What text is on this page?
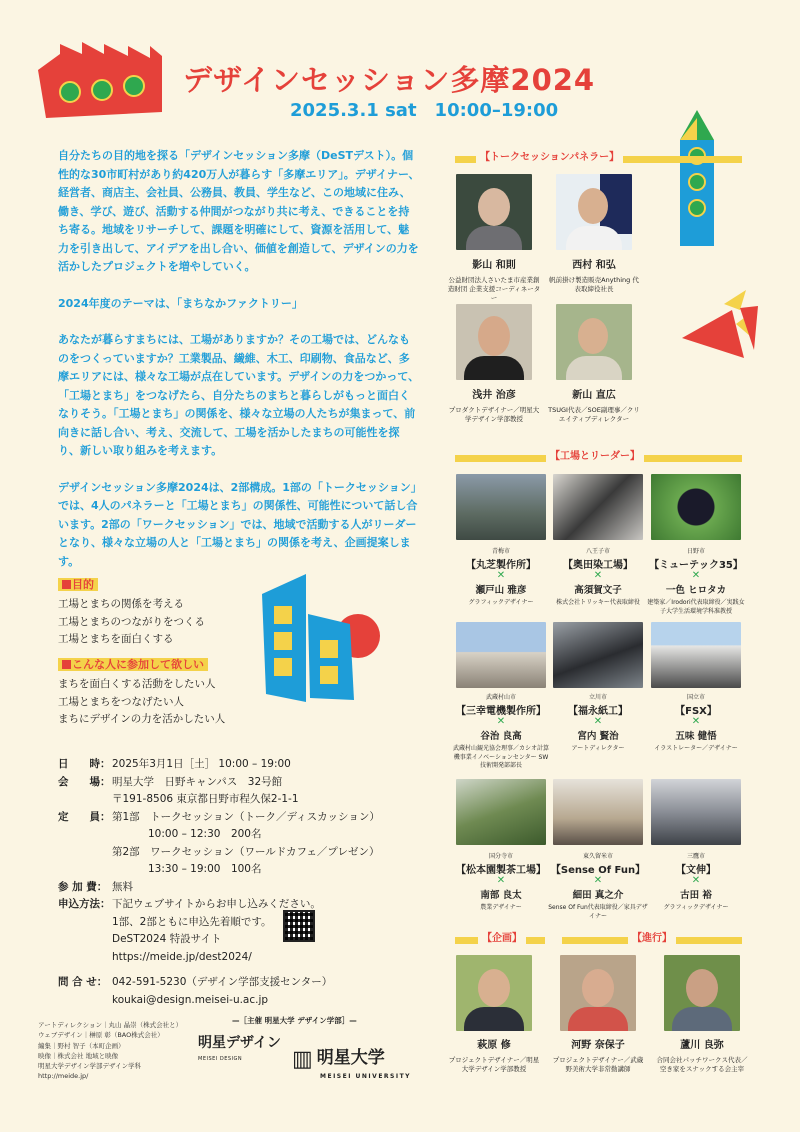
デザインセッション多摩2024
2025.3.1 sat　10:00–19:00

自分たちの目的地を探る「デザインセッション多摩（DeSTデスト）。個性的な30市町村があり約420万人が暮らす「多摩エリア」。デザイナー、経営者、商店主、会社員、公務員、教員、学生など、この地域に住み、働き、学び、遊び、活動する仲間がつながり共に考え、できることを持ち寄る。地域をリサーチして、課題を明確にして、資源を活用して、魅力を引き出して、アイデアを出し合い、価値を創造して、デザインの力を活かしたプロジェクトを増やしていく。

2024年度のテーマは、「まちなかファクトリー」

あなたが暮らすまちには、工場がありますか？その工場では、どんなものをつくっていますか？工業製品、繊維、木工、印刷物、食品など、多摩エリアには、様々な工場が点在しています。デザインの力をつかって、「工場とまち」をつなげたら、自分たちのまちと暮らしがもっと面白くなりそう。「工場とまち」の関係を、様々な立場の人たちが集まって、前向きに話し合い、考え、交流して、工場を活かしたまちの可能性を探り、新しい取り組みを考えます。

デザインセッション多摩2024は、2部構成。1部の「トークセッション」では、4人のパネラーと「工場とまち」の関係性、可能性について話し合います。2部の「ワークセッション」では、地域で活動する人がリーダーとなり、様々な立場の人と「工場とまち」の関係を考え、企画提案します。

目的
工場とまちの関係を考える
工場とまちのつながりをつくる
工場とまちを面白くする
こんな人に参加して欲しい
まちを面白くする活動をしたい人
工場とまちをつなげたい人
まちにデザインの力を活かしたい人
日　　時： 2025年3月1日［土］ 10:00 – 19:00
会　　場： 明星大学　日野キャンパス　32号館
〒191-8506 東京都日野市程久保2-1-1
定　　員： 第1部　トークセッション（トーク／ディスカッション）
10:00 – 12:30　200名
第2部　ワークセッション（ワールドカフェ／プレゼン）
13:30 – 19:00　100名
参 加 費： 無料
申込方法： 下記ウェブサイトからお申し込みください。
1部、2部ともに申込先着順です。
DeST2024 特設サイト
https://meide.jp/dest2024/
問 合 せ： 042-591-5230（デザイン学部支援センター）
koukai@design.meisei-u.ac.jp
アートディレクション｜丸山 晶崇（株式会社と）
ウェブデザイン｜榊原 彰（BAO株式会社）
編集｜野村 智子（本町企画）
映像｜株式会社 地域と映像
明星大学デザイン学部デザイン学科
http://meide.jp/
—［主催 明星大学 デザイン学部］—
明星デザイン
MEISEI DESIGN	▥ 明星大学
MEISEI UNIVERSITY
【トークセッションパネラー】
影山 和則
公益財団法人さいたま市産業創造財団 企業支援コーディネーター
西村 和弘
帆前掛け製造販売Anything 代表取締役社長
浅井 治彦
プロダクトデザイナー／明星大学デザイン学部教授
新山 直広
TSUGI代表／SOE副理事／クリエイティブディレクター
【工場とリーダー】
青梅市
【丸芝製作所】
✕
瀬戸山 雅彦
グラフィックデザイナー
八王子市
【奥田染工場】
✕
高須賀文子
株式会社トリッキー代表取締役
日野市
【ミューテック35】
✕
一色 ヒロタカ
建築家／Irodori代表取締役／実践女子大学生活環境学科准教授
武蔵村山市
【三幸電機製作所】
✕
谷治 良高
武蔵村山観光協会理事／カシオ計算機事業イノベーションセンター SW技術開発部部長
立川市
【福永紙工】
✕
宮内 賢治
アートディレクター
国立市
【FSX】
✕
五味 健悟
イラストレーター／デザイナー
国分寺市
【松本園製茶工場】
✕
南部 良太
農業デザイナー
東久留米市
【Sense Of Fun】
✕
細田 真之介
Sense Of Fun代表取締役／家具デザイナー
三鷹市
【文伸】
✕
古田 裕
グラフィックデザイナー
【企画】	【進行】
萩原 修
プロジェクトデザイナー／明星大学デザイン学部教授
河野 奈保子
プロジェクトデザイナー／武蔵野美術大学非常勤講師
蘆川 良弥
合同会社パッチワークス代表／空き家をスナックする会主宰
